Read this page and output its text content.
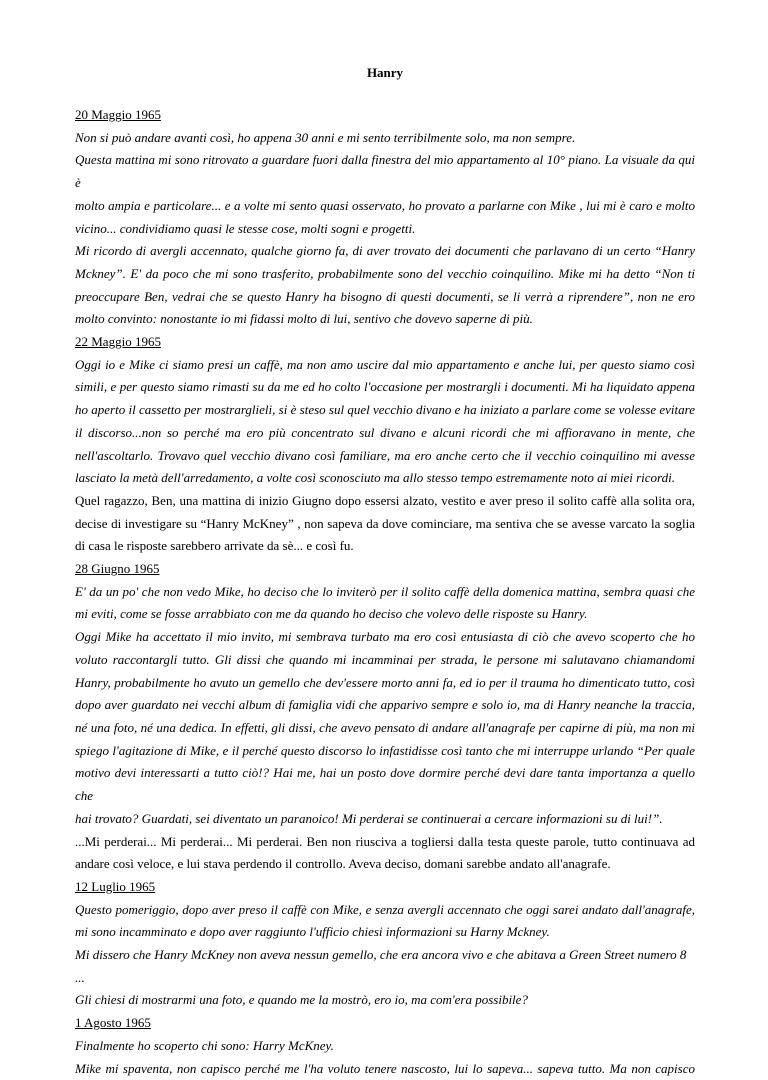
Hanry
20 Maggio 1965
Non si può andare avanti così, ho appena 30 anni e mi sento terribilmente solo, ma non sempre.
Questa mattina mi sono ritrovato a guardare fuori dalla finestra del mio appartamento al 10° piano. La visuale da qui è
molto ampia e particolare... e a volte mi sento quasi osservato, ho provato a parlarne con Mike , lui mi è caro e molto
vicino... condividiamo quasi le stesse cose, molti sogni e progetti.
Mi ricordo di avergli accennato, qualche giorno fa, di aver trovato dei documenti che parlavano di un certo “Hanry
Mckney”. E' da poco che mi sono trasferito, probabilmente sono del vecchio coinquilino. Mike mi ha detto “Non ti
preoccupare Ben, vedrai che se questo Hanry ha bisogno di questi documenti, se li verrà a riprendere”, non ne ero
molto convinto: nonostante io mi fidassi molto di lui, sentivo che dovevo saperne di più.
22 Maggio 1965
Oggi io e Mike ci siamo presi un caffè, ma non amo uscire dal mio appartamento e anche lui, per questo siamo così
simili, e per questo siamo rimasti su da me ed ho colto l'occasione per mostrargli i documenti. Mi ha liquidato appena
ho aperto il cassetto per mostrarglieli, si è steso sul quel vecchio divano e ha iniziato a parlare come se volesse evitare
il discorso...non so perché ma ero più concentrato sul divano e alcuni ricordi che mi affioravano in mente, che
nell'ascoltarlo. Trovavo quel vecchio divano così familiare, ma ero anche certo che il vecchio coinquilino mi avesse
lasciato la metà dell'arredamento, a volte così sconosciuto ma allo stesso tempo estremamente noto ai miei ricordi.
Quel ragazzo, Ben, una mattina di inizio Giugno dopo essersi alzato, vestito e aver preso il solito caffè alla solita ora,
decise di investigare su “Hanry McKney” , non sapeva da dove cominciare, ma sentiva che se avesse varcato la soglia
di casa le risposte sarebbero arrivate da sè... e così fu.
28 Giugno 1965
E' da un po' che non vedo Mike, ho deciso che lo inviterò per il solito caffè della domenica mattina, sembra quasi che
mi eviti, come se fosse arrabbiato con me da quando ho deciso che volevo delle risposte su Hanry.
Oggi Mike ha accettato il mio invito, mi sembrava turbato ma ero così entusiasta di ciò che avevo scoperto che ho
voluto raccontargli tutto. Gli dissi che quando mi incamminai per strada, le persone mi salutavano chiamandomi
Hanry, probabilmente ho avuto un gemello che dev'essere morto anni fa, ed io per il trauma ho dimenticato tutto, così
dopo aver guardato nei vecchi album di famiglia vidi che apparivo sempre e solo io, ma di Hanry neanche la traccia,
né una foto, né una dedica. In effetti, gli dissi, che avevo pensato di andare all'anagrafe per capirne di più, ma non mi
spiego l'agitazione di Mike, e il perché questo discorso lo infastidisse così tanto che mi interruppe urlando “Per quale
motivo devi interessarti a tutto ciò!? Hai me, hai un posto dove dormire perché devi dare tanta importanza a quello che
hai trovato? Guardati, sei diventato un paranoico! Mi perderai se continuerai a cercare informazioni su di lui!”.
...Mi perderai... Mi perderai... Mi perderai. Ben non riusciva a togliersi dalla testa queste parole, tutto continuava ad
andare così veloce, e lui stava perdendo il controllo. Aveva deciso, domani sarebbe andato all'anagrafe.
12 Luglio 1965
Questo pomeriggio, dopo aver preso il caffè con Mike, e senza avergli accennato che oggi sarei andato dall'anagrafe,
mi sono incamminato e dopo aver raggiunto l'ufficio chiesi informazioni su Harny Mckney.
Mi dissero che Hanry McKney non aveva nessun gemello, che era ancora vivo e che abitava a Green Street numero 8 ...
Gli chiesi di mostrarmi una foto, e quando me la mostrò, ero io, ma com'era possibile?
1 Agosto 1965
Finalmente ho scoperto chi sono: Harry McKney.
Mike mi spaventa, non capisco perché me l'ha voluto tenere nascosto, lui lo sapeva... sapeva tutto. Ma non capisco
